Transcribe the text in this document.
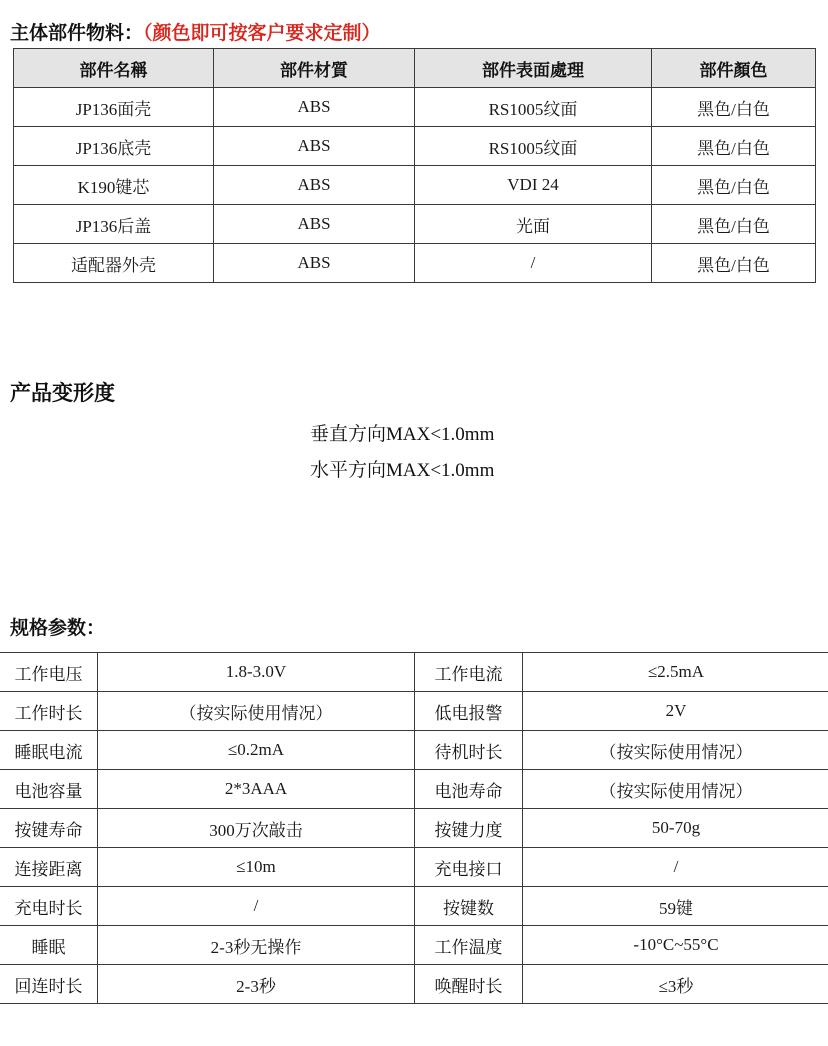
主体部件物料：（颜色即可按客户要求定制）
部件名稱	部件材質	部件表面處理	部件顏色
JP136面壳	ABS	RS1005纹面	黑色/白色
JP136底壳	ABS	RS1005纹面	黑色/白色
K190键芯	ABS	VDI 24	黑色/白色
JP136后盖	ABS	光面	黑色/白色
适配器外壳	ABS	/	黑色/白色
产品变形度
垂直方向MAX<1.0mm
水平方向MAX<1.0mm
规格参数：
工作电压	1.8-3.0V	工作电流	≤2.5mA
工作时长	（按实际使用情况）	低电报警	2V
睡眠电流	≤0.2mA	待机时长	（按实际使用情况）
电池容量	2*3AAA	电池寿命	（按实际使用情况）
按键寿命	300万次敲击	按键力度	50-70g
连接距离	≤10m	充电接口	/
充电时长	/	按键数	59键
睡眠	2-3秒无操作	工作温度	-10°C~55°C
回连时长	2-3秒	唤醒时长	≤3秒
